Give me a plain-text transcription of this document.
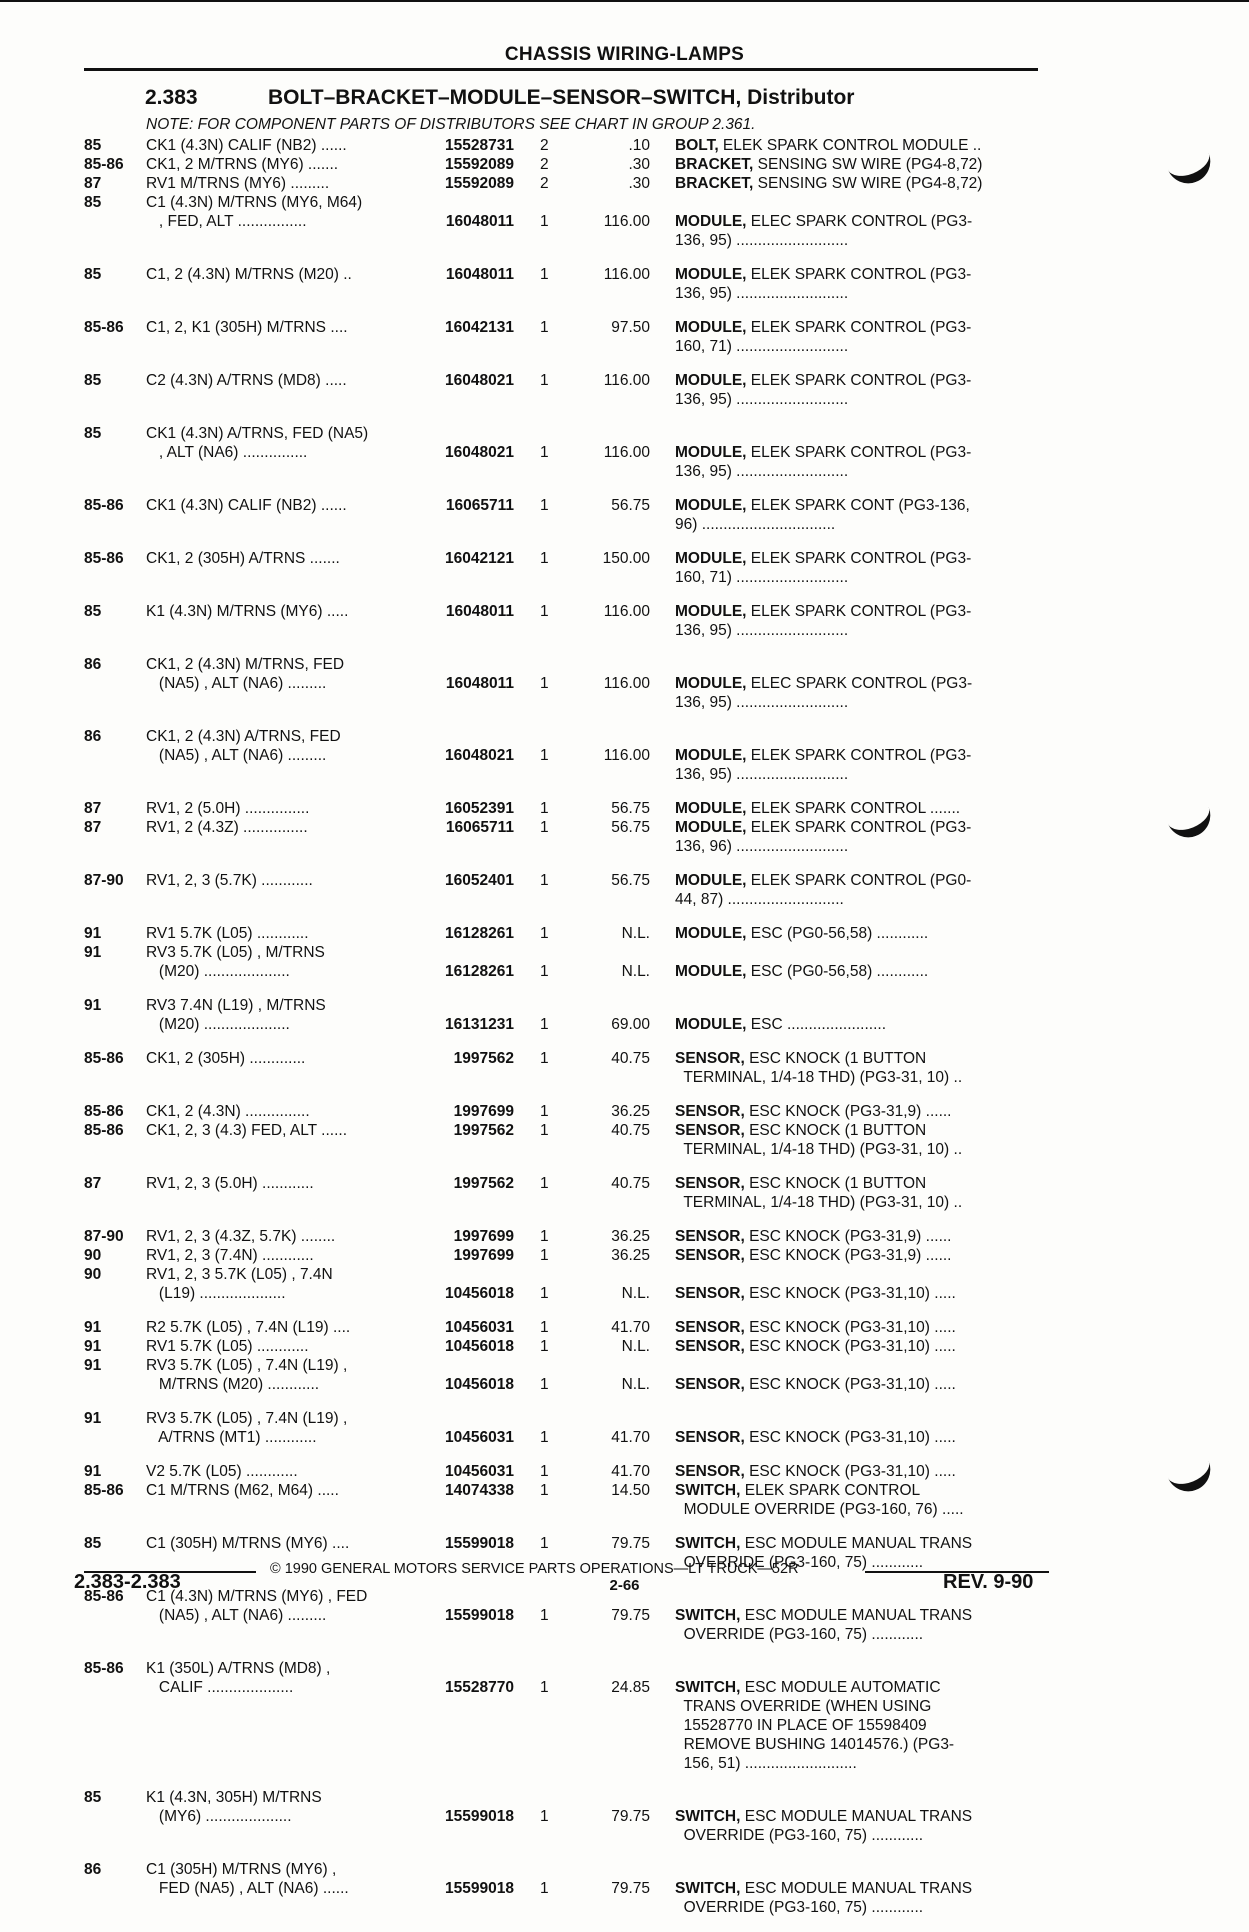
CHASSIS WIRING-LAMPS
2.383	BOLT–BRACKET–MODULE–SENSOR–SWITCH, Distributor
NOTE: FOR COMPONENT PARTS OF DISTRIBUTORS SEE CHART IN GROUP 2.361.
85	CK1 (4.3N) CALIF (NB2) ......	15528731 2	.10 BOLT, ELEK SPARK CONTROL MODULE ..
85-86 CK1, 2 M/TRNS (MY6) .......	15592089 2	.30 BRACKET, SENSING SW WIRE (PG4-8,72)
87	RV1 M/TRNS (MY6) .........	15592089 2	.30 BRACKET, SENSING SW WIRE (PG4-8,72)
85	C1 (4.3N) M/TRNS (MY6, M64)
, FED, ALT ................	16048011 1	116.00 MODULE, ELEC SPARK CONTROL (PG3-
136, 95) ..........................
85	C1, 2 (4.3N) M/TRNS (M20) ..	16048011 1	116.00 MODULE, ELEK SPARK CONTROL (PG3-
136, 95) ..........................
85-86 C1, 2, K1 (305H) M/TRNS ....	16042131 1	97.50 MODULE, ELEK SPARK CONTROL (PG3-
160, 71) ..........................
85	C2 (4.3N) A/TRNS (MD8) .....	16048021 1	116.00 MODULE, ELEK SPARK CONTROL (PG3-
136, 95) ..........................
85	CK1 (4.3N) A/TRNS, FED (NA5)
, ALT (NA6) ...............	16048021 1	116.00 MODULE, ELEK SPARK CONTROL (PG3-
136, 95) ..........................
85-86 CK1 (4.3N) CALIF (NB2) ......	16065711 1	56.75 MODULE, ELEK SPARK CONT (PG3-136,
96) ...............................
85-86 CK1, 2 (305H) A/TRNS .......	16042121 1	150.00 MODULE, ELEK SPARK CONTROL (PG3-
160, 71) ..........................
85	K1 (4.3N) M/TRNS (MY6) .....	16048011 1	116.00 MODULE, ELEK SPARK CONTROL (PG3-
136, 95) ..........................
86	CK1, 2 (4.3N) M/TRNS, FED
(NA5) , ALT (NA6) .........	16048011 1	116.00 MODULE, ELEC SPARK CONTROL (PG3-
136, 95) ..........................
86	CK1, 2 (4.3N) A/TRNS, FED
(NA5) , ALT (NA6) .........	16048021 1	116.00 MODULE, ELEK SPARK CONTROL (PG3-
136, 95) ..........................
87	RV1, 2 (5.0H) ...............	16052391 1	56.75 MODULE, ELEK SPARK CONTROL .......
87	RV1, 2 (4.3Z) ...............	16065711 1	56.75 MODULE, ELEK SPARK CONTROL (PG3-
136, 96) ..........................
87-90 RV1, 2, 3 (5.7K) ............	16052401 1	56.75 MODULE, ELEK SPARK CONTROL (PG0-
44, 87) ...........................
91	RV1 5.7K (L05) ............	16128261 1	N.L. MODULE, ESC (PG0-56,58) ............
91	RV3 5.7K (L05) , M/TRNS
(M20) ....................	16128261 1	N.L. MODULE, ESC (PG0-56,58) ............
91	RV3 7.4N (L19) , M/TRNS
(M20) ....................	16131231 1	69.00 MODULE, ESC .......................
85-86 CK1, 2 (305H) .............	1997562 1	40.75 SENSOR, ESC KNOCK (1 BUTTON
TERMINAL, 1/4-18 THD) (PG3-31, 10) ..
85-86 CK1, 2 (4.3N) ...............	1997699 1	36.25 SENSOR, ESC KNOCK (PG3-31,9) ......
85-86 CK1, 2, 3 (4.3) FED, ALT ......	1997562 1	40.75 SENSOR, ESC KNOCK (1 BUTTON
TERMINAL, 1/4-18 THD) (PG3-31, 10) ..
87	RV1, 2, 3 (5.0H) ............	1997562 1	40.75 SENSOR, ESC KNOCK (1 BUTTON
TERMINAL, 1/4-18 THD) (PG3-31, 10) ..
87-90 RV1, 2, 3 (4.3Z, 5.7K) ........	1997699 1	36.25 SENSOR, ESC KNOCK (PG3-31,9) ......
90	RV1, 2, 3 (7.4N) ............	1997699 1	36.25 SENSOR, ESC KNOCK (PG3-31,9) ......
90	RV1, 2, 3 5.7K (L05) , 7.4N
(L19) ....................	10456018 1	N.L. SENSOR, ESC KNOCK (PG3-31,10) .....
91	R2 5.7K (L05) , 7.4N (L19) ....	10456031 1	41.70 SENSOR, ESC KNOCK (PG3-31,10) .....
91	RV1 5.7K (L05) ............	10456018 1	N.L. SENSOR, ESC KNOCK (PG3-31,10) .....
91	RV3 5.7K (L05) , 7.4N (L19) ,
M/TRNS (M20) ............	10456018 1	N.L. SENSOR, ESC KNOCK (PG3-31,10) .....
91	RV3 5.7K (L05) , 7.4N (L19) ,
A/TRNS (MT1) ............	10456031 1	41.70 SENSOR, ESC KNOCK (PG3-31,10) .....
91	V2 5.7K (L05) ............	10456031 1	41.70 SENSOR, ESC KNOCK (PG3-31,10) .....
85-86 C1 M/TRNS (M62, M64) .....	14074338 1	14.50 SWITCH, ELEK SPARK CONTROL
MODULE OVERRIDE (PG3-160, 76) .....
85	C1 (305H) M/TRNS (MY6) ....	15599018 1	79.75 SWITCH, ESC MODULE MANUAL TRANS
OVERRIDE (PG3-160, 75) ............
85-86 C1 (4.3N) M/TRNS (MY6) , FED
(NA5) , ALT (NA6) .........	15599018 1	79.75 SWITCH, ESC MODULE MANUAL TRANS
OVERRIDE (PG3-160, 75) ............
85-86 K1 (350L) A/TRNS (MD8) ,
CALIF ....................	15528770 1	24.85 SWITCH, ESC MODULE AUTOMATIC
TRANS OVERRIDE (WHEN USING
15528770 IN PLACE OF 15598409
REMOVE BUSHING 14014576.) (PG3-
156, 51) ..........................
85	K1 (4.3N, 305H) M/TRNS
(MY6) ....................	15599018 1	79.75 SWITCH, ESC MODULE MANUAL TRANS
OVERRIDE (PG3-160, 75) ............
86	C1 (305H) M/TRNS (MY6) ,
FED (NA5) , ALT (NA6) ......	15599018 1	79.75 SWITCH, ESC MODULE MANUAL TRANS
OVERRIDE (PG3-160, 75) ............
© 1990 GENERAL MOTORS SERVICE PARTS OPERATIONS—LT TRUCK—52R
2.383-2.383	2-66	REV. 9-90
